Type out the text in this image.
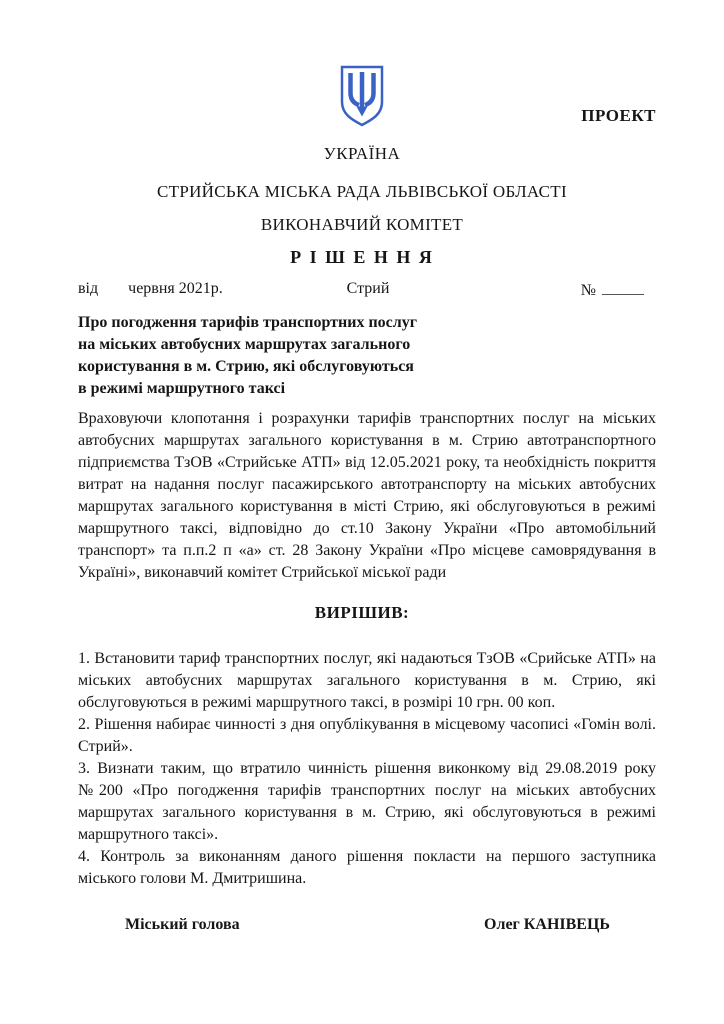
ПРОЕКТ
УКРАЇНА
СТРИЙСЬКА МІСЬКА РАДА ЛЬВІВСЬКОЇ ОБЛАСТІ
ВИКОНАВЧИЙ КОМІТЕТ
Р І Ш Е Н Н Я
від червня 2021р.	Стрий	№
Про погодження тарифів транспортних послуг
на міських автобусних маршрутах загального
користування в м. Стрию, які обслуговуються
в режимі маршрутного таксі

Враховуючи клопотання і розрахунки тарифів транспортних послуг на міських автобусних маршрутах загального користування в м. Стрию автотранспортного підприємства ТзОВ «Стрийське АТП» від 12.05.2021 року, та необхідність покриття витрат на надання послуг пасажирського автотранспорту на міських автобусних маршрутах загального користування в місті Стрию, які обслуговуються в режимі маршрутного таксі, відповідно до ст.10 Закону України «Про автомобільний транспорт» та п.п.2 п «а» ст. 28 Закону України «Про місцеве самоврядування в Україні», виконавчий комітет Стрийської міської ради

ВИРІШИВ:

1. Встановити тариф транспортних послуг, які надаються ТзОВ «Срийське АТП» на міських автобусних маршрутах загального користування в м. Стрию, які обслуговуються в режимі маршрутного таксі, в розмірі 10 грн. 00 коп.

2. Рішення набирає чинності з дня опублікування в місцевому часописі «Гомін волі. Стрий».

3. Визнати таким, що втратило чинність рішення виконкому від 29.08.2019 року №200 «Про погодження тарифів транспортних послуг на міських автобусних маршрутах загального користування в м. Стрию, які обслуговуються в режимі маршрутного таксі».

4. Контроль за виконанням даного рішення покласти на першого заступника міського голови М. Дмитришина.

Міський голова	Олег КАНІВЕЦЬ
